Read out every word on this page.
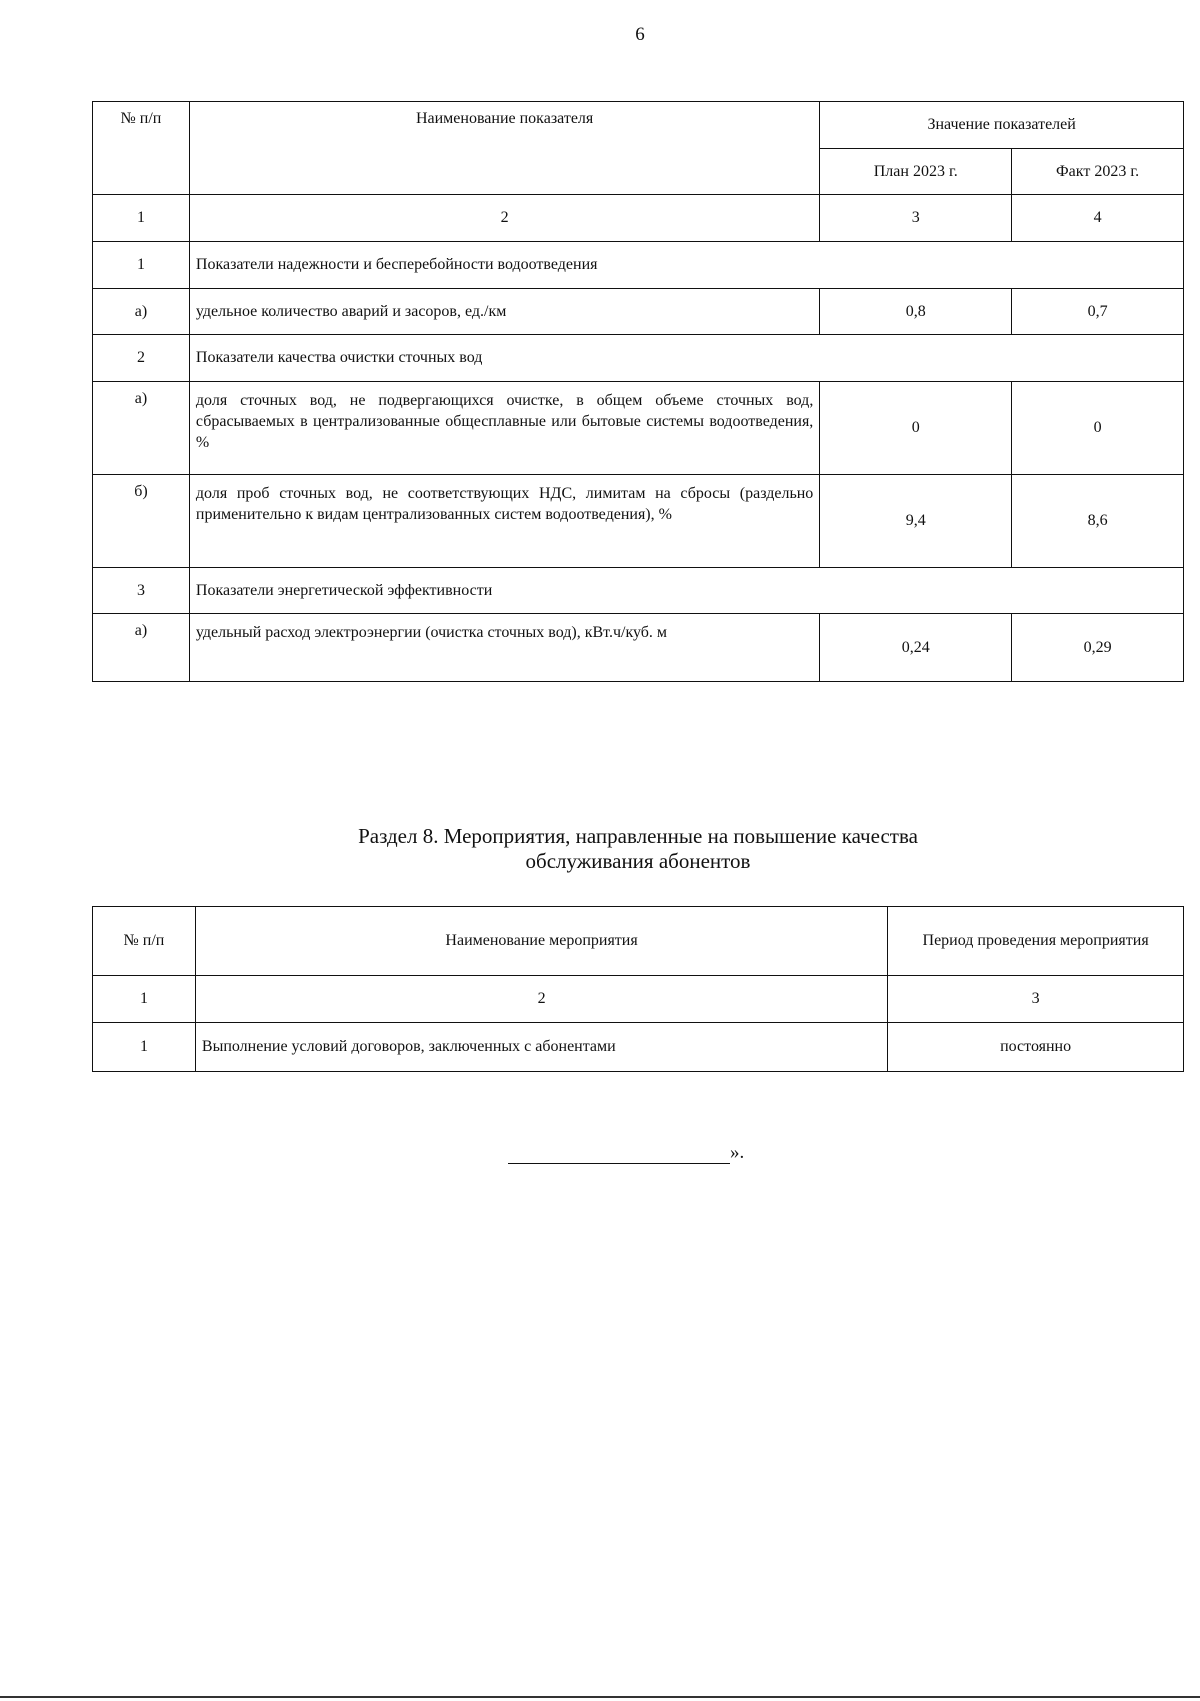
6
№ п/п	Наименование показателя	Значение показателей	
		План 2023 г.	Факт 2023 г.
1	2	3	4
1	Показатели надежности и бесперебойности водоотведения		
а)	удельное количество аварий и засоров, ед./км	0,8	0,7
2	Показатели качества очистки сточных вод		
а)	доля сточных вод, не подвергающихся очистке, в общем объеме сточных вод, сбрасываемых в централизованные общесплавные или бытовые системы водоотведения, %	0	0
б)	доля проб сточных вод, не соответствующих НДС, лимитам на сбросы (раздельно применительно к видам централизованных систем водоотведения), %	9,4	8,6
3	Показатели энергетической эффективности		
а)	удельный расход электроэнергии (очистка сточных вод), кВт.ч/куб. м	0,24	0,29
Раздел 8. Мероприятия, направленные на повышение качества
обслуживания абонентов
№ п/п	Наименование мероприятия	Период проведения мероприятия
1	2	3
1	Выполнение условий договоров, заключенных с абонентами	постоянно
».
